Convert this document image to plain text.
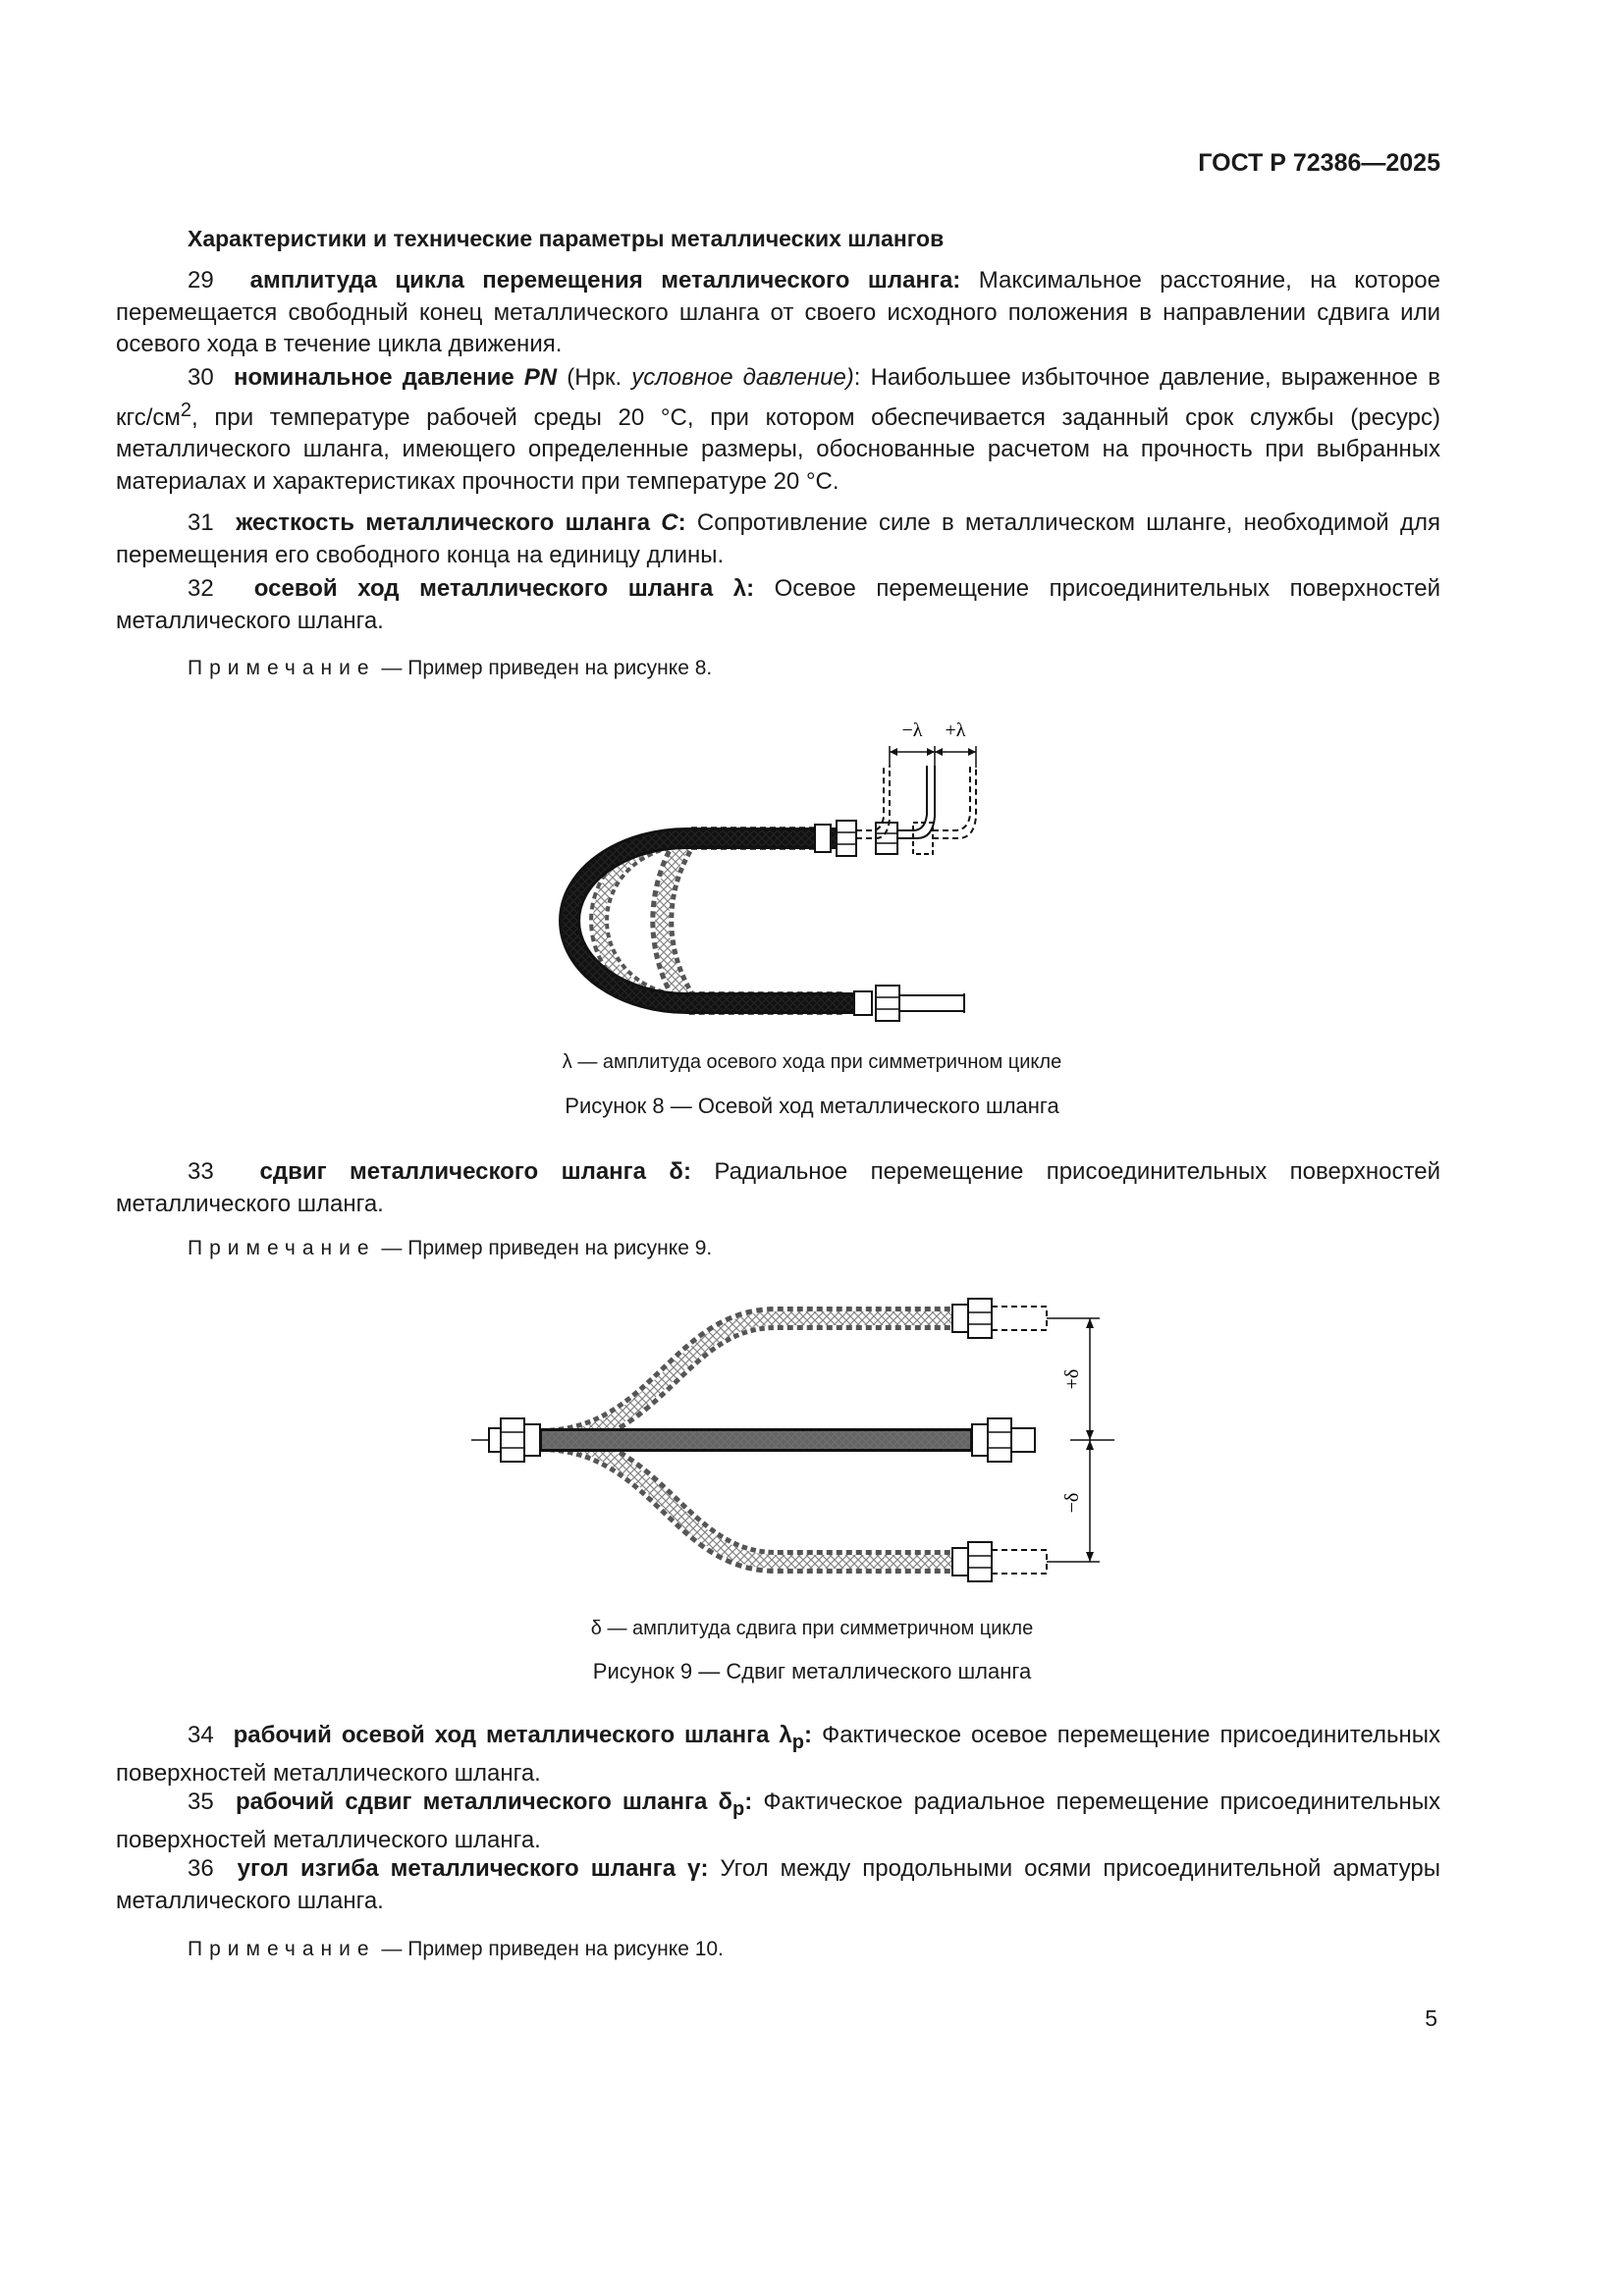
ГОСТ Р 72386—2025
Характеристики и технические параметры металлических шлангов
29 амплитуда цикла перемещения металлического шланга: Максимальное расстояние, на которое перемещается свободный конец металлического шланга от своего исходного положения в направлении сдвига или осевого хода в течение цикла движения.
30 номинальное давление PN (Нрк. условное давление): Наибольшее избыточное давление, выраженное в кгс/$см^2$, при температуре рабочей среды 20 °С, при котором обеспечивается заданный срок службы (ресурс) металлического шланга, имеющего определенные размеры, обоснованные расчетом на прочность при выбранных материалах и характеристиках прочности при температуре 20 °С.
31 жесткость металлического шланга C: Сопротивление силе в металлическом шланге, необходимой для перемещения его свободного конца на единицу длины.
32 осевой ход металлического шланга λ: Осевое перемещение присоединительных поверхностей металлического шланга.
Примечание — Пример приведен на рисунке 8.
−λ +λ
λ — амплитуда осевого хода при симметричном цикле
Рисунок 8 — Осевой ход металлического шланга
33 сдвиг металлического шланга δ: Радиальное перемещение присоединительных поверхностей металлического шланга.
Примечание — Пример приведен на рисунке 9.
+δ
−δ
δ — амплитуда сдвига при симметричном цикле
Рисунок 9 — Сдвиг металлического шланга
34 рабочий осевой ход металлического шланга $\lambda_p$: Фактическое осевое перемещение присоединительных поверхностей металлического шланга.
35 рабочий сдвиг металлического шланга $\delta_p$: Фактическое радиальное перемещение присоединительных поверхностей металлического шланга.
36 угол изгиба металлического шланга γ: Угол между продольными осями присоединительной арматуры металлического шланга.
Примечание — Пример приведен на рисунке 10.
5
